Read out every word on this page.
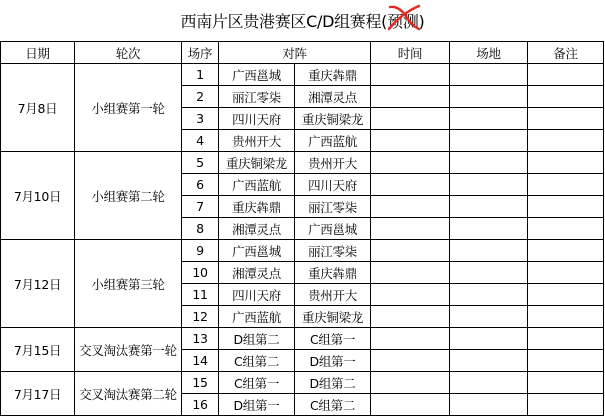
西南片区贵港赛区C/D组赛程(预测)
日期	轮次	场序	对阵		时间	场地	备注
7月8日	小组赛第一轮	1	广西邕城	重庆犇鼎			
		2	丽江零柒	湘潭灵点			
		3	四川天府	重庆铜梁龙			
		4	贵州开大	广西蓝航			
7月10日	小组赛第二轮	5	重庆铜梁龙	贵州开大			
		6	广西蓝航	四川天府			
		7	重庆犇鼎	丽江零柒			
		8	湘潭灵点	广西邕城			
7月12日	小组赛第三轮	9	广西邕城	丽江零柒			
		10	湘潭灵点	重庆犇鼎			
		11	四川天府	贵州开大			
		12	广西蓝航	重庆铜梁龙			
7月15日	交叉淘汰赛第一轮	13	D组第二	C组第一			
		14	C组第二	D组第一			
7月17日	交叉淘汰赛第二轮	15	C组第一	D组第二			
		16	D组第一	C组第二			
